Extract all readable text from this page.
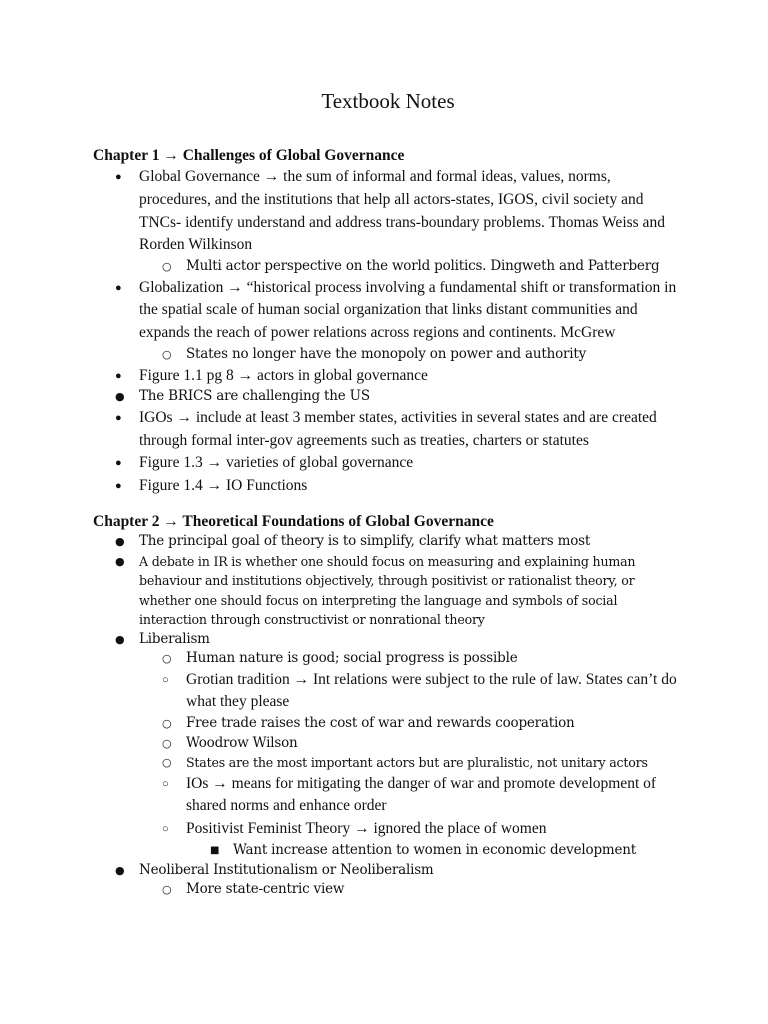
Textbook Notes

Chapter 1 → Challenges of Global Governance

● Global Governance → the sum of informal and formal ideas, values, norms, procedures, and the institutions that help all actors-states, IGOS, civil society and TNCs- identify understand and address trans-boundary problems. Thomas Weiss and Rorden Wilkinson
○ Multi actor perspective on the world politics. Dingweth and Patterberg
● Globalization → “historical process involving a fundamental shift or transformation in the spatial scale of human social organization that links distant communities and expands the reach of power relations across regions and continents. McGrew
○ States no longer have the monopoly on power and authority
● Figure 1.1 pg 8 → actors in global governance
● The BRICS are challenging the US
● IGOs → include at least 3 member states, activities in several states and are created through formal inter-gov agreements such as treaties, charters or statutes
● Figure 1.3 → varieties of global governance
● Figure 1.4 → IO Functions

Chapter 2 → Theoretical Foundations of Global Governance

● The principal goal of theory is to simplify, clarify what matters most
● A debate in IR is whether one should focus on measuring and explaining human behaviour and institutions objectively, through positivist or rationalist theory, or whether one should focus on interpreting the language and symbols of social interaction through constructivist or nonrational theory
● Liberalism
○ Human nature is good; social progress is possible
○ Grotian tradition → Int relations were subject to the rule of law. States can’t do what they please
○ Free trade raises the cost of war and rewards cooperation
○ Woodrow Wilson
○ States are the most important actors but are pluralistic, not unitary actors
○ IOs → means for mitigating the danger of war and promote development of shared norms and enhance order
○ Positivist Feminist Theory → ignored the place of women
■ Want increase attention to women in economic development
● Neoliberal Institutionalism or Neoliberalism
○ More state-centric view
